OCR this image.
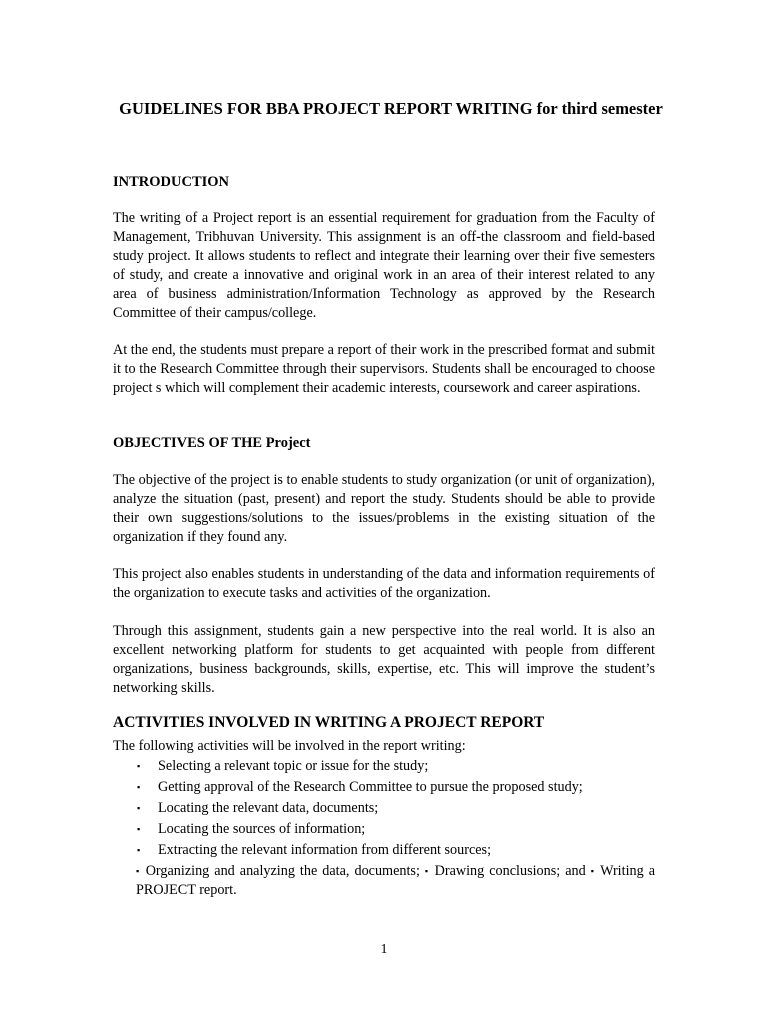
GUIDELINES FOR BBA PROJECT REPORT WRITING for third semester
INTRODUCTION

The writing of a Project report is an essential requirement for graduation from the Faculty of Management, Tribhuvan University. This assignment is an off-the classroom and field-based study project. It allows students to reflect and integrate their learning over their five semesters of study, and create a innovative and original work in an area of their interest related to any area of business administration/Information Technology as approved by the Research Committee of their campus/college.

At the end, the students must prepare a report of their work in the prescribed format and submit it to the Research Committee through their supervisors. Students shall be encouraged to choose project s which will complement their academic interests, coursework and career aspirations.

OBJECTIVES OF THE Project

The objective of the project is to enable students to study organization (or unit of organization), analyze the situation (past, present) and report the study. Students should be able to provide their own suggestions/solutions to the issues/problems in the existing situation of the organization if they found any.

This project also enables students in understanding of the data and information requirements of the organization to execute tasks and activities of the organization.

Through this assignment, students gain a new perspective into the real world. It is also an excellent networking platform for students to get acquainted with people from different organizations, business backgrounds, skills, expertise, etc. This will improve the student’s networking skills.

ACTIVITIES INVOLVED IN WRITING A PROJECT REPORT

The following activities will be involved in the report writing:

▪ Selecting a relevant topic or issue for the study;
▪ Getting approval of the Research Committee to pursue the proposed study;
▪ Locating the relevant data, documents;
▪ Locating the sources of information;
▪ Extracting the relevant information from different sources;
▪ Organizing and analyzing the data, documents; ▪ Drawing conclusions; and ▪ Writing a PROJECT report.
1
